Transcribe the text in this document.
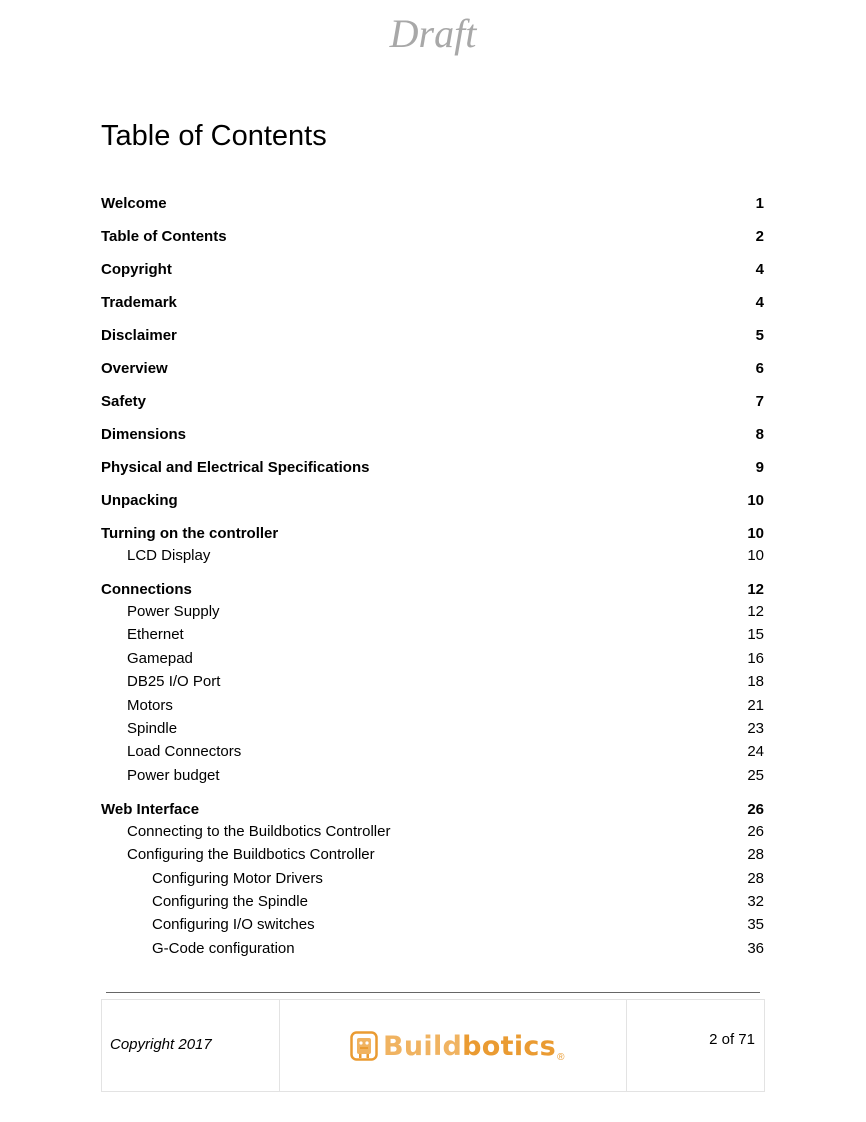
Draft
Table of Contents
Welcome	1
Table of Contents	2
Copyright	4
Trademark	4
Disclaimer	5
Overview	6
Safety	7
Dimensions	8
Physical and Electrical Specifications	9
Unpacking	10
Turning on the controller	10
LCD Display	10
Connections	12
Power Supply	12
Ethernet	15
Gamepad	16
DB25 I/O Port	18
Motors	21
Spindle	23
Load Connectors	24
Power budget	25
Web Interface	26
Connecting to the Buildbotics Controller	26
Configuring the Buildbotics Controller	28
Configuring Motor Drivers	28
Configuring the Spindle	32
Configuring I/O switches	35
G-Code configuration	36
Copyright 2017	Buildbotics ®
2 of 71
